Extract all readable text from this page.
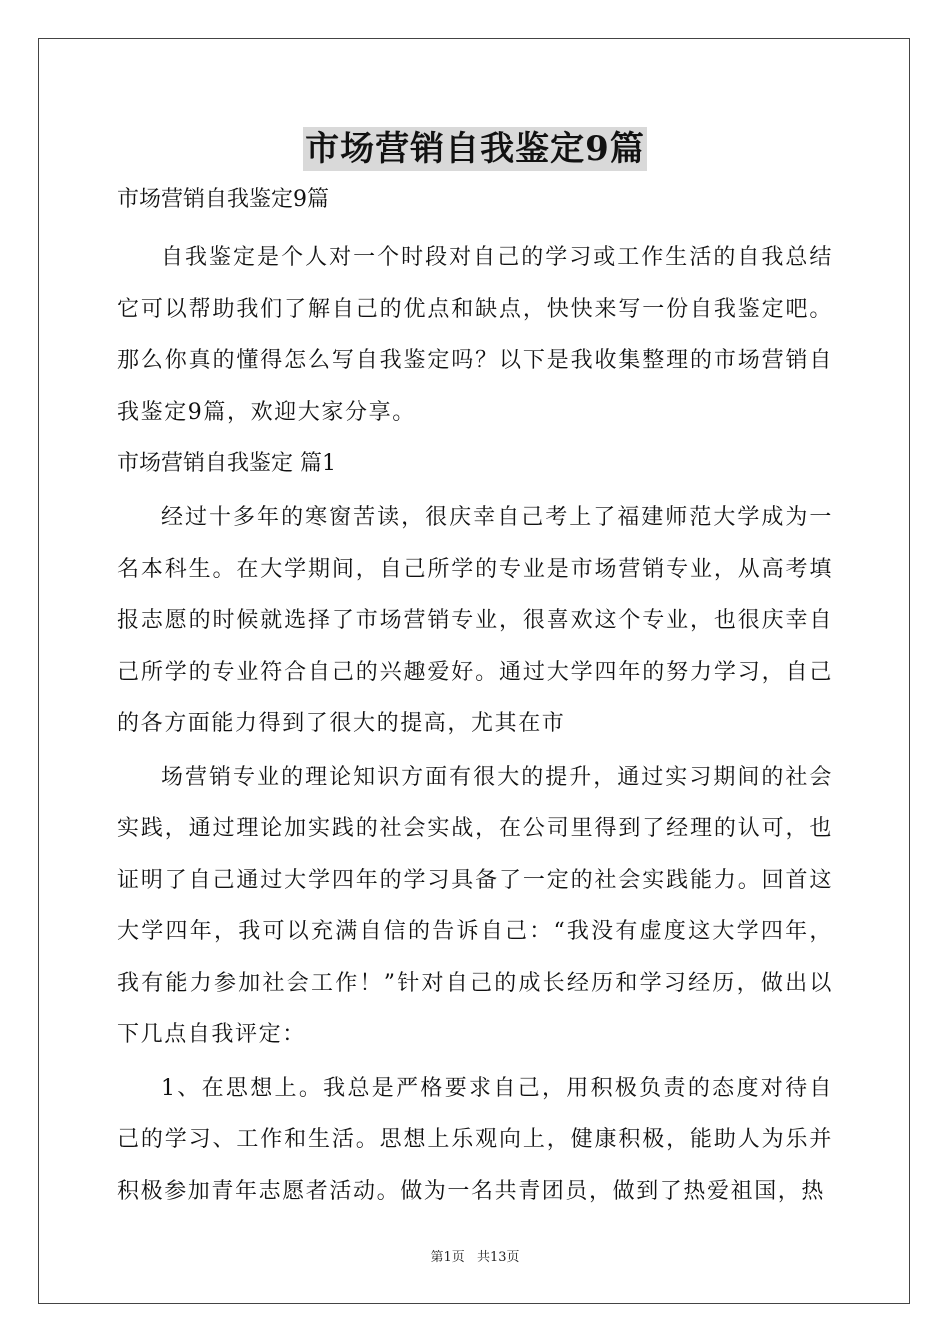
市场营销自我鉴定9篇

市场营销自我鉴定9篇

自我鉴定是个人对一个时段对自己的学习或工作生活的自我总结它可以帮助我们了解自己的优点和缺点，快快来写一份自我鉴定吧。那么你真的懂得怎么写自我鉴定吗？以下是我收集整理的市场营销自我鉴定9篇，欢迎大家分享。

市场营销自我鉴定 篇1

经过十多年的寒窗苦读，很庆幸自己考上了福建师范大学成为一名本科生。在大学期间，自己所学的专业是市场营销专业，从高考填报志愿的时候就选择了市场营销专业，很喜欢这个专业，也很庆幸自己所学的专业符合自己的兴趣爱好。通过大学四年的努力学习，自己的各方面能力得到了很大的提高，尤其在市

场营销专业的理论知识方面有很大的提升，通过实习期间的社会实践，通过理论加实践的社会实战，在公司里得到了经理的认可，也证明了自己通过大学四年的学习具备了一定的社会实践能力。回首这大学四年，我可以充满自信的告诉自己：“我没有虚度这大学四年，我有能力参加社会工作！”针对自己的成长经历和学习经历，做出以下几点自我评定：

1、在思想上。我总是严格要求自己，用积极负责的态度对待自己的学习、工作和生活。思想上乐观向上，健康积极，能助人为乐并积极参加青年志愿者活动。做为一名共青团员，做到了热爱祖国，热

第1页 共13页
